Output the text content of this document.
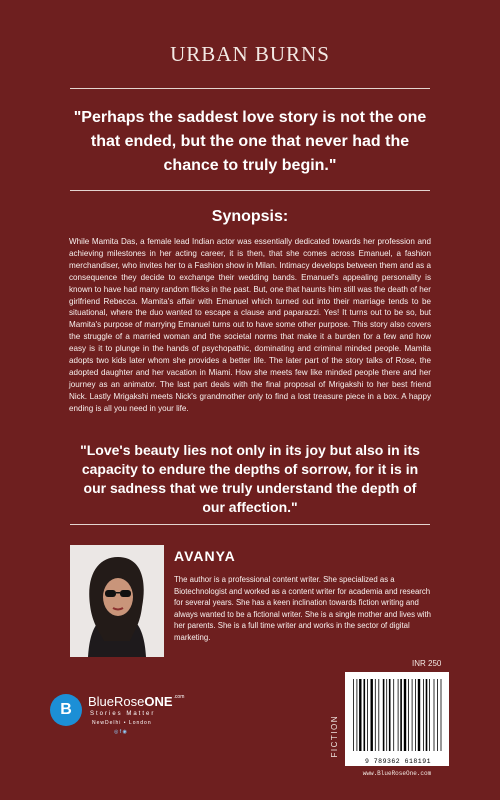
URBAN BURNS
"Perhaps the saddest love story is not the one that ended, but the one that never had the chance to truly begin."
Synopsis:
While Mamita Das, a female lead Indian actor was essentially dedicated towards her profession and achieving milestones in her acting career, it is then, that she comes across Emanuel, a fashion merchandiser, who invites her to a Fashion show in Milan. Intimacy develops between them and as a consequence they decide to exchange their wedding bands. Emanuel's appealing personality is known to have had many random flicks in the past. But, one that haunts him still was the death of her girlfriend Rebecca. Mamita's affair with Emanuel which turned out into their marriage tends to be situational, where the duo wanted to escape a clause and paparazzi. Yes! It turns out to be so, but Mamita's purpose of marrying Emanuel turns out to have some other purpose. This story also covers the struggle of a married woman and the societal norms that make it a burden for a few and how easy is it to plunge in the hands of psychopathic, dominating and criminal minded people. Mamita adopts two kids later whom she provides a better life. The later part of the story talks of Rose, the adopted daughter and her vacation in Miami. How she meets few like minded people there and her journey as an animator. The last part deals with the final proposal of Mrigakshi to her best friend Nick. Lastly Mrigakshi meets Nick's grandmother only to find a lost treasure piece in a box. A happy ending is all you need in your life.
"Love's beauty lies not only in its joy but also in its capacity to endure the depths of sorrow, for it is in our sadness that we truly understand the depth of our affection."
AVANYA
The author is a professional content writer. She specialized as a Biotechnologist and worked as a content writer for academia and research for several years. She has a keen inclination towards fiction writing and always wanted to be a fictional writer. She is a single mother and lives with her parents. She is a full time writer and works in the sector of digital marketing.
B BlueRoseONE$^{.com}$
Stories Matter
NewDelhi • London
◎ f ◉
INR 250
FICTION
9 789362 618191
www.BlueRoseOne.com
